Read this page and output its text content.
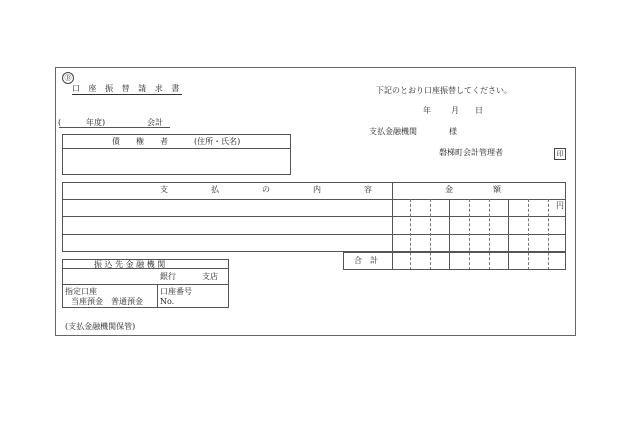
Ⓑ
口 座 振 替 請 求 書	下記のとおり口座振替してください。
年	月 日
(	年度)	会計
支払金融機関	様
磐梯町会計管理者	印
債　　権　　者	(住所・氏名)
支　　払　　の　　内　　容	金　　　　　額
円
合　計
振 込 先 金 融 機 関
銀行	支店
指定口座
当座預金　普通預金
口座番号
No.
(支払金融機関保管)
